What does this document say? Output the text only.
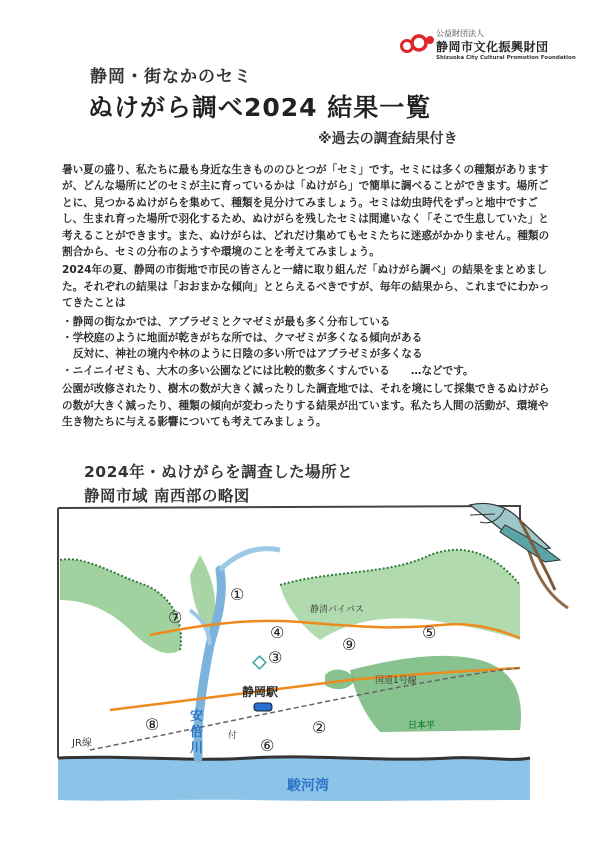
公益財団法人
静岡市文化振興財団
Shizuoka City Cultural Promotion Foundation
静岡・街なかのセミ
ぬけがら調べ2024 結果一覧
※過去の調査結果付き

暑い夏の盛り、私たちに最も身近な生きもののひとつが「セミ」です。セミには多くの種類がありますが、どんな場所にどのセミが主に育っているかは「ぬけがら」で簡単に調べることができます。場所ごとに、見つかるぬけがらを集めて、種類を見分けてみましょう。セミは幼虫時代をずっと地中ですごし、生まれ育った場所で羽化するため、ぬけがらを残したセミは間違いなく「そこで生息していた」と考えることができます。また、ぬけがらは、どれだけ集めてもセミたちに迷惑がかかりません。種類の割合から、セミの分布のようすや環境のことを考えてみましょう。

2024年の夏、静岡の市街地で市民の皆さんと一緒に取り組んだ「ぬけがら調べ」の結果をまとめました。それぞれの結果は「おおまかな傾向」ととらえるべきですが、毎年の結果から、これまでにわかってきたことは

・静岡の街なかでは、アブラゼミとクマゼミが最も多く分布している

・学校庭のように地面が乾きがちな所では、クマゼミが多くなる傾向がある

反対に、神社の境内や林のように日陰の多い所ではアブラゼミが多くなる

・ニイニイゼミも、大木の多い公園などには比較的数多くすんでいる　　…などです。

公園が改修されたり、樹木の数が大きく減ったりした調査地では、それを境にして採集できるぬけがらの数が大きく減ったり、種類の傾向が変わったりする結果が出ています。私たち人間の活動が、環境や生き物たちに与える影響についても考えてみましょう。

2024年・ぬけがらを調査した場所と
静岡市域 南西部の略図
静清バイパス
国道1号線
静岡駅
JR線
日本平
駿河湾
付
安 倍 川
①
②
③
④	⑤
⑥
⑦
⑧
⑨
